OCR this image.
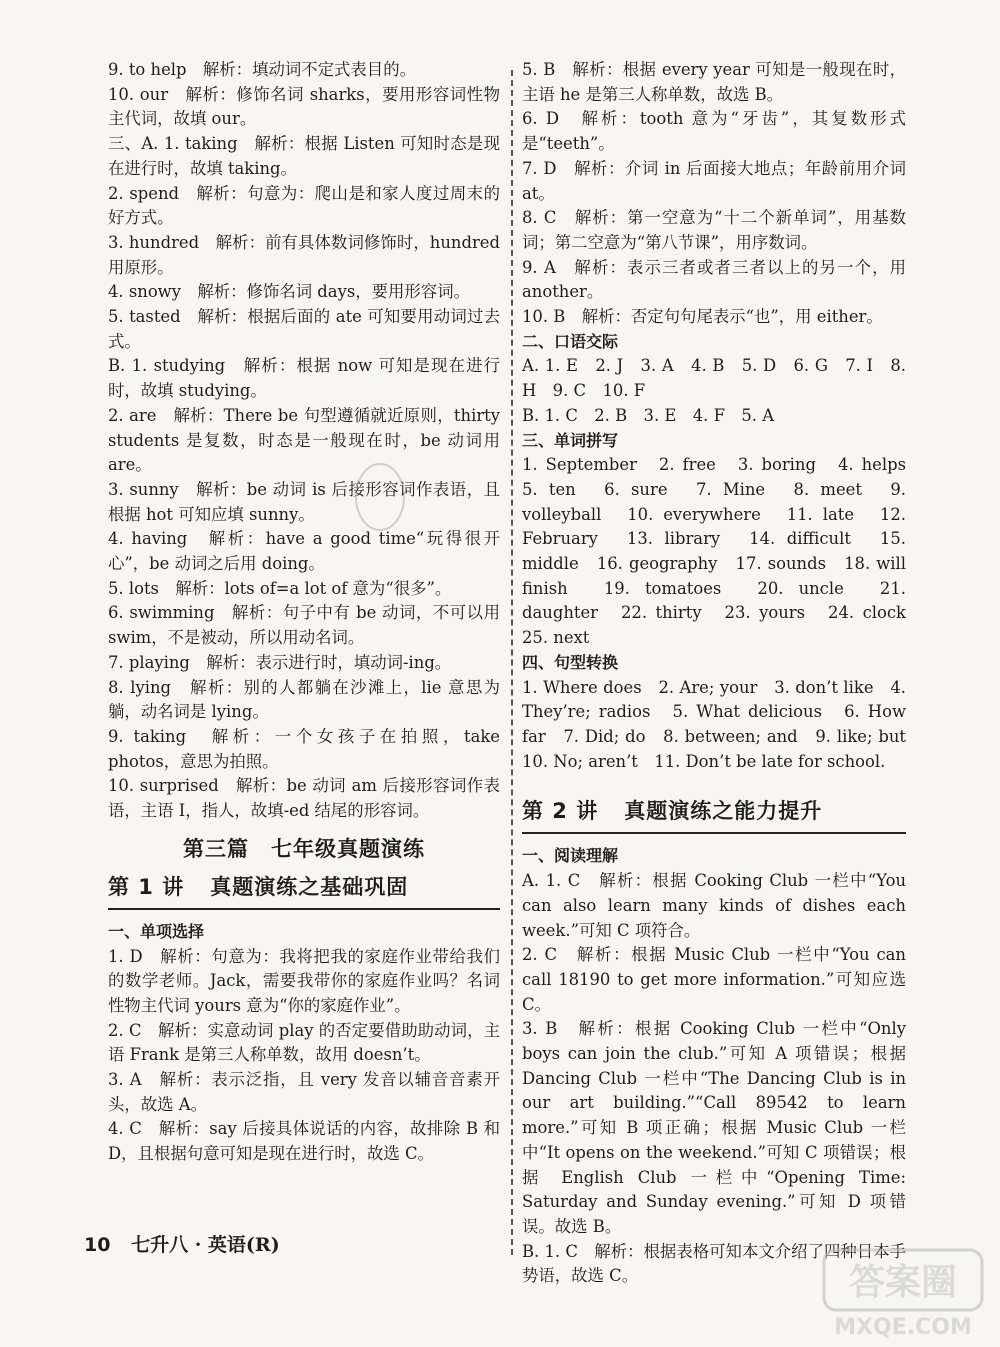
9. to help　解析：填动词不定式表目的。

10. our　解析：修饰名词 sharks，要用形容词性物主代词，故填 our。

三、A. 1. taking　解析：根据 Listen 可知时态是现在进行时，故填 taking。

2. spend　解析：句意为：爬山是和家人度过周末的好方式。

3. hundred　解析：前有具体数词修饰时，hundred 用原形。

4. snowy　解析：修饰名词 days，要用形容词。

5. tasted　解析：根据后面的 ate 可知要用动词过去式。

B. 1. studying　解析：根据 now 可知是现在进行时，故填 studying。

2. are　解析：There be 句型遵循就近原则，thirty students 是复数，时态是一般现在时，be 动词用 are。

3. sunny　解析：be 动词 is 后接形容词作表语，且根据 hot 可知应填 sunny。

4. having　解析：have a good time“玩得很开心”，be 动词之后用 doing。

5. lots　解析：lots of=a lot of 意为“很多”。

6. swimming　解析：句子中有 be 动词，不可以用 swim，不是被动，所以用动名词。

7. playing　解析：表示进行时，填动词-ing。

8. lying　解析：别的人都躺在沙滩上，lie 意思为躺，动名词是 lying。

9. taking　解析：一个女孩子在拍照，take photos，意思为拍照。

10. surprised　解析：be 动词 am 后接形容词作表语，主语 I，指人，故填-ed 结尾的形容词。

第三篇　七年级真题演练
第 1 讲 真题演练之基础巩固

一、单项选择

1. D　解析：句意为：我将把我的家庭作业带给我们的数学老师。Jack，需要我带你的家庭作业吗？名词性物主代词 yours 意为“你的家庭作业”。

2. C　解析：实意动词 play 的否定要借助助动词，主语 Frank 是第三人称单数，故用 doesn’t。

3. A　解析：表示泛指，且 very 发音以辅音音素开头，故选 A。

4. C　解析：say 后接具体说话的内容，故排除 B 和 D，且根据句意可知是现在进行时，故选 C。

5. B　解析：根据 every year 可知是一般现在时，主语 he 是第三人称单数，故选 B。

6. D　解析：tooth 意为“牙齿”，其复数形式是“teeth”。

7. D　解析：介词 in 后面接大地点；年龄前用介词 at。

8. C　解析：第一空意为“十二个新单词”，用基数词；第二空意为“第八节课”，用序数词。

9. A　解析：表示三者或者三者以上的另一个，用 another。

10. B　解析：否定句句尾表示“也”，用 either。

二、口语交际

A. 1. E　2. J　3. A　4. B　5. D　6. G　7. I　8. H　9. C　10. F

B. 1. C　2. B　3. E　4. F　5. A

三、单词拼写

1. September　2. free　3. boring　4. helps　5. ten　6. sure　7. Mine　8. meet　9. volleyball　10. everywhere　11. late　12. February　13. library　14. difficult　15. middle　16. geography　17. sounds　18. will finish　19. tomatoes　20. uncle　21. daughter　22. thirty　23. yours　24. clock　25. next

四、句型转换

1. Where does　2. Are; your　3. don’t like　4. They’re; radios　5. What delicious　6. How far　7. Did; do　8. between; and　9. like; but　10. No; aren’t　11. Don’t be late for school.

第 2 讲 真题演练之能力提升

一、阅读理解

A. 1. C　解析：根据 Cooking Club 一栏中“You can also learn many kinds of dishes each week.”可知 C 项符合。

2. C　解析：根据 Music Club 一栏中“You can call 18190 to get more information.”可知应选 C。

3. B　解析：根据 Cooking Club 一栏中“Only boys can join the club.”可知 A 项错误；根据 Dancing Club 一栏中“The Dancing Club is in our art building.”“Call 89542 to learn more.”可知 B 项正确；根据 Music Club 一栏中“It opens on the weekend.”可知 C 项错误；根据 English Club 一栏中“Opening Time: Saturday and Sunday evening.”可知 D 项错误。故选 B。

B. 1. C　解析：根据表格可知本文介绍了四种日本手势语，故选 C。

10 七升八 · 英语(R)
答案圈
MXQE.COM
